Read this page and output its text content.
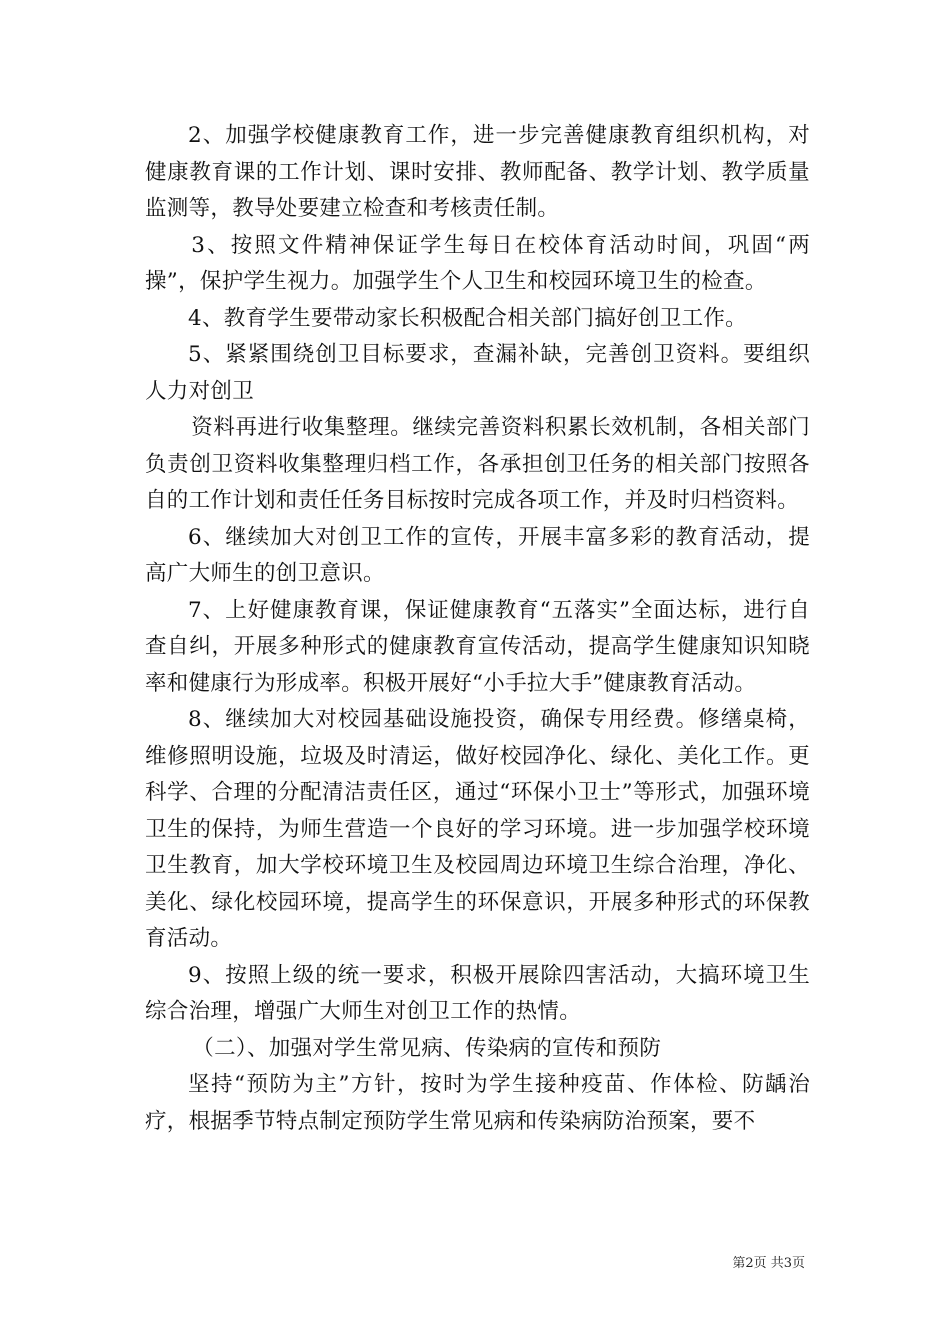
2、加强学校健康教育工作，进一步完善健康教育组织机构，对健康教育课的工作计划、课时安排、教师配备、教学计划、教学质量监测等，教导处要建立检查和考核责任制。

3、按照文件精神保证学生每日在校体育活动时间，巩固“两操”，保护学生视力。加强学生个人卫生和校园环境卫生的检查。

4、教育学生要带动家长积极配合相关部门搞好创卫工作。

5、紧紧围绕创卫目标要求，查漏补缺，完善创卫资料。要组织人力对创卫

资料再进行收集整理。继续完善资料积累长效机制，各相关部门负责创卫资料收集整理归档工作，各承担创卫任务的相关部门按照各自的工作计划和责任任务目标按时完成各项工作，并及时归档资料。

6、继续加大对创卫工作的宣传，开展丰富多彩的教育活动，提高广大师生的创卫意识。

7、上好健康教育课，保证健康教育“五落实”全面达标，进行自查自纠，开展多种形式的健康教育宣传活动，提高学生健康知识知晓率和健康行为形成率。积极开展好“小手拉大手”健康教育活动。

8、继续加大对校园基础设施投资，确保专用经费。修缮桌椅，维修照明设施，垃圾及时清运，做好校园净化、绿化、美化工作。更科学、合理的分配清洁责任区，通过“环保小卫士”等形式，加强环境卫生的保持，为师生营造一个良好的学习环境。进一步加强学校环境卫生教育，加大学校环境卫生及校园周边环境卫生综合治理，净化、美化、绿化校园环境，提高学生的环保意识，开展多种形式的环保教育活动。

9、按照上级的统一要求，积极开展除四害活动，大搞环境卫生综合治理，增强广大师生对创卫工作的热情。

（二）、加强对学生常见病、传染病的宣传和预防

坚持“预防为主”方针，按时为学生接种疫苗、作体检、防龋治疗，根据季节特点制定预防学生常见病和传染病防治预案，要不

第2页 共3页
